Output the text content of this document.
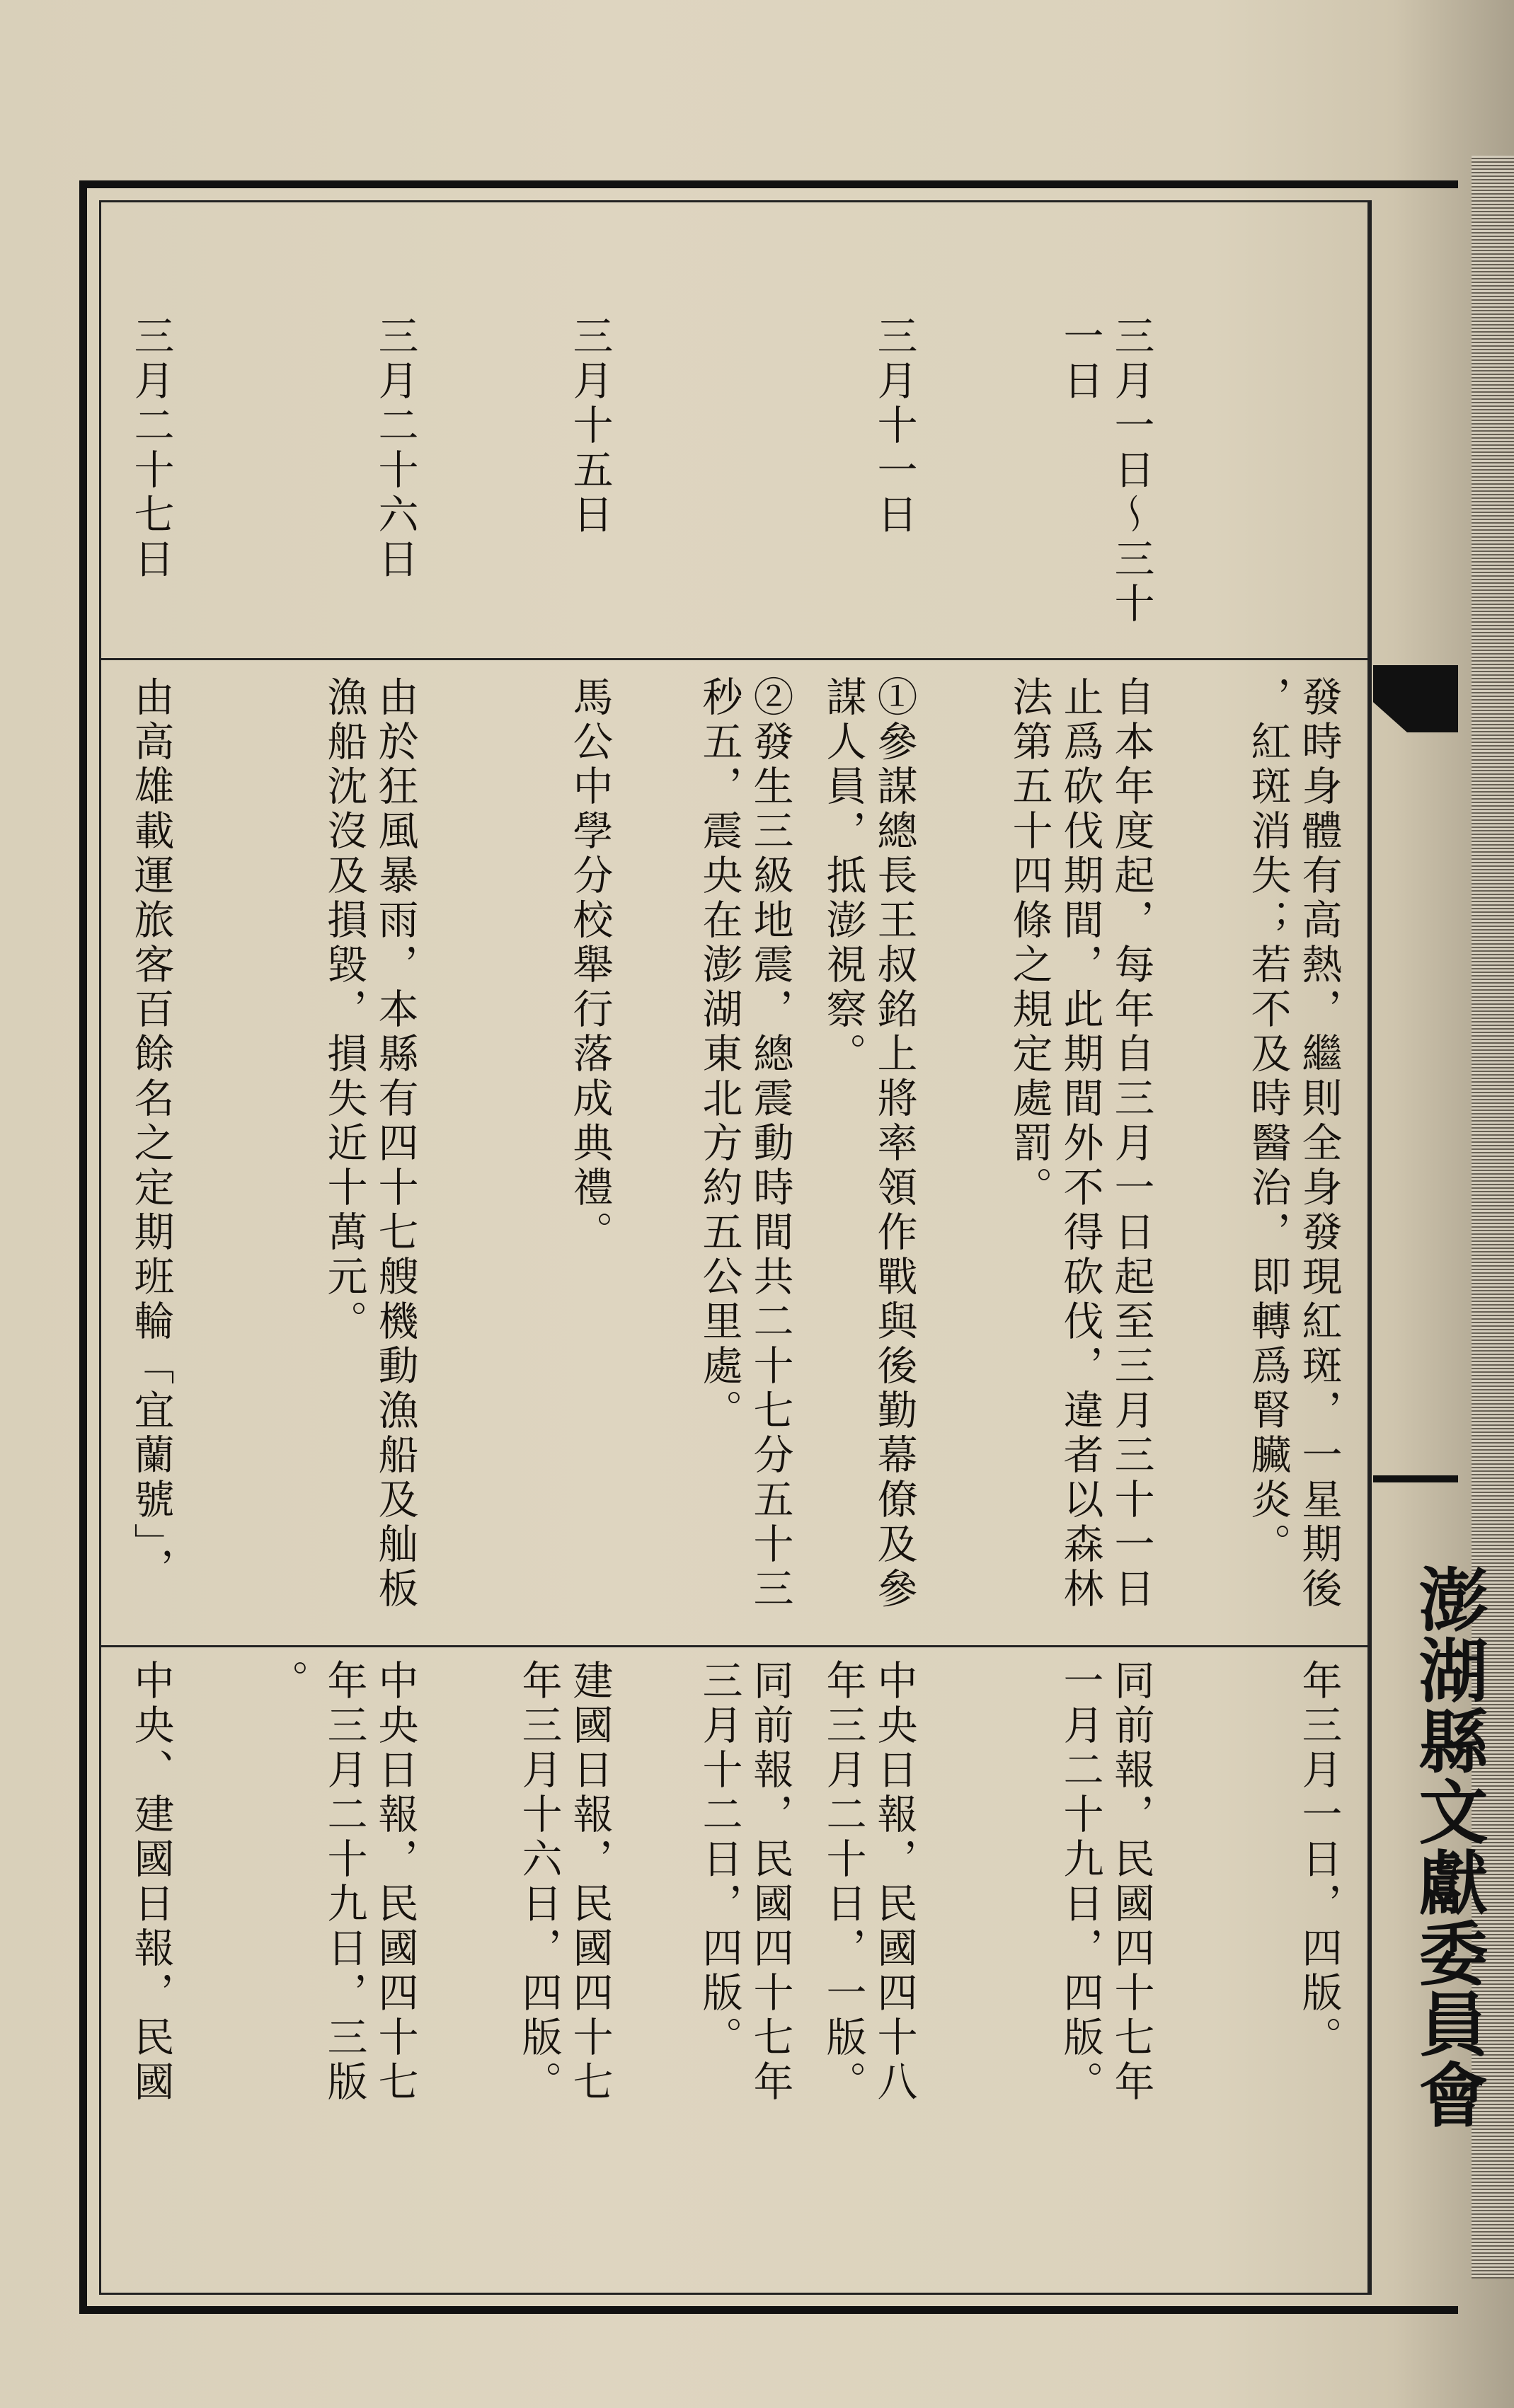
澎湖縣文獻委員會
發時身體有高熱，繼則全身發現紅斑，一星期後
，紅斑消失；若不及時醫治，即轉爲腎臟炎。
年三月一日，四版。
三月一日～三十
一日
自本年度起，每年自三月一日起至三月三十一日
止爲砍伐期間，此期間外不得砍伐，違者以森林
法第五十四條之規定處罰。
同前報，民國四十七年
一月二十九日，四版。
三月十一日
①參謀總長王叔銘上將率領作戰與後勤幕僚及參
謀人員，抵澎視察。
②發生三級地震，總震動時間共二十七分五十三
秒五，震央在澎湖東北方約五公里處。
中央日報，民國四十八
年三月二十日，一版。
同前報，民國四十七年
三月十二日，四版。
三月十五日
馬公中學分校舉行落成典禮。
建國日報，民國四十七
年三月十六日，四版。
三月二十六日
由於狂風暴雨，本縣有四十七艘機動漁船及舢板
漁船沈沒及損毀，損失近十萬元。
中央日報，民國四十七
年三月二十九日，三版
。
三月二十七日
由高雄載運旅客百餘名之定期班輪「宜蘭號」，
中央、建國日報，民國
